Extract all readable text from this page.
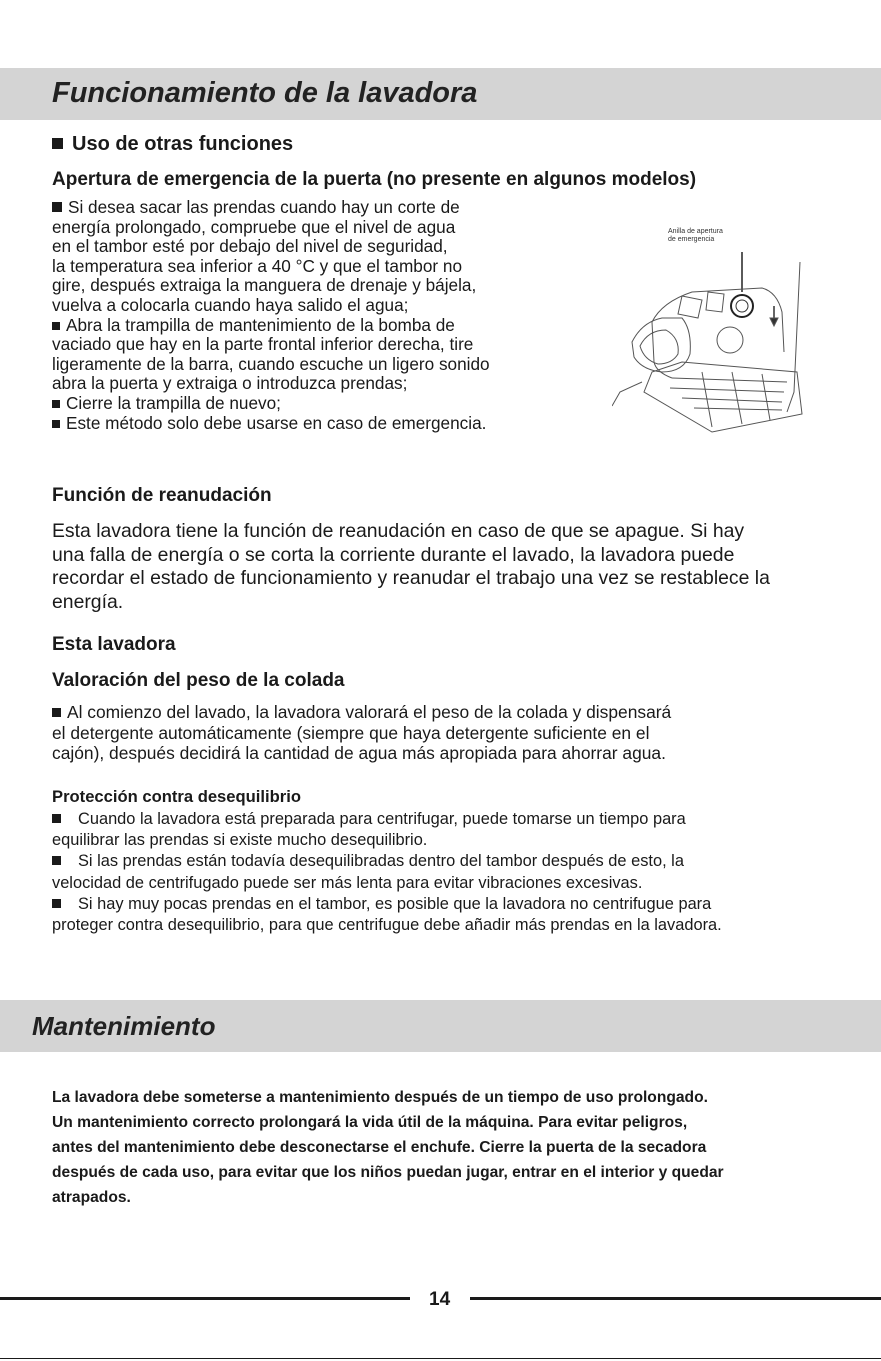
Funcionamiento de la lavadora
Uso de otras funciones
Apertura de emergencia de la puerta (no presente en algunos modelos)
Si desea sacar las prendas cuando hay un corte de
energía prolongado, compruebe que el nivel de agua
en el tambor esté por debajo del nivel de seguridad,
la temperatura sea inferior a 40 °C y que el tambor no
gire, después extraiga la manguera de drenaje y bájela,
vuelva a colocarla cuando haya salido el agua;
Abra la trampilla de mantenimiento de la bomba de
vaciado que hay en la parte frontal inferior derecha, tire
ligeramente de la barra, cuando escuche un ligero sonido
abra la puerta y extraiga o introduzca prendas;
Cierre la trampilla de nuevo;
Este método solo debe usarse en caso de emergencia.
Anilla de apertura
de emergencia
Función de reanudación
Esta lavadora tiene la función de reanudación en caso de que se apague. Si hay
una falla de energía o se corta la corriente durante el lavado, la lavadora puede
recordar el estado de funcionamiento y reanudar el trabajo una vez se restablece la
energía.
Esta lavadora
Valoración del peso de la colada
Al comienzo del lavado, la lavadora valorará el peso de la colada y dispensará
el detergente automáticamente (siempre que haya detergente suficiente en el
cajón), después decidirá la cantidad de agua más apropiada para ahorrar agua.
Protección contra desequilibrio
Cuando la lavadora está preparada para centrifugar, puede tomarse un tiempo para
equilibrar las prendas si existe mucho desequilibrio.
Si las prendas están todavía desequilibradas dentro del tambor después de esto, la
velocidad de centrifugado puede ser más lenta para evitar vibraciones excesivas.
Si hay muy pocas prendas en el tambor, es posible que la lavadora no centrifugue para
proteger contra desequilibrio, para que centrifugue debe añadir más prendas en la lavadora.
Mantenimiento
La lavadora debe someterse a mantenimiento después de un tiempo de uso prolongado.
Un mantenimiento correcto prolongará la vida útil de la máquina. Para evitar peligros,
antes del mantenimiento debe desconectarse el enchufe. Cierre la puerta de la secadora
después de cada uso, para evitar que los niños puedan jugar, entrar en el interior y quedar
atrapados.
14
